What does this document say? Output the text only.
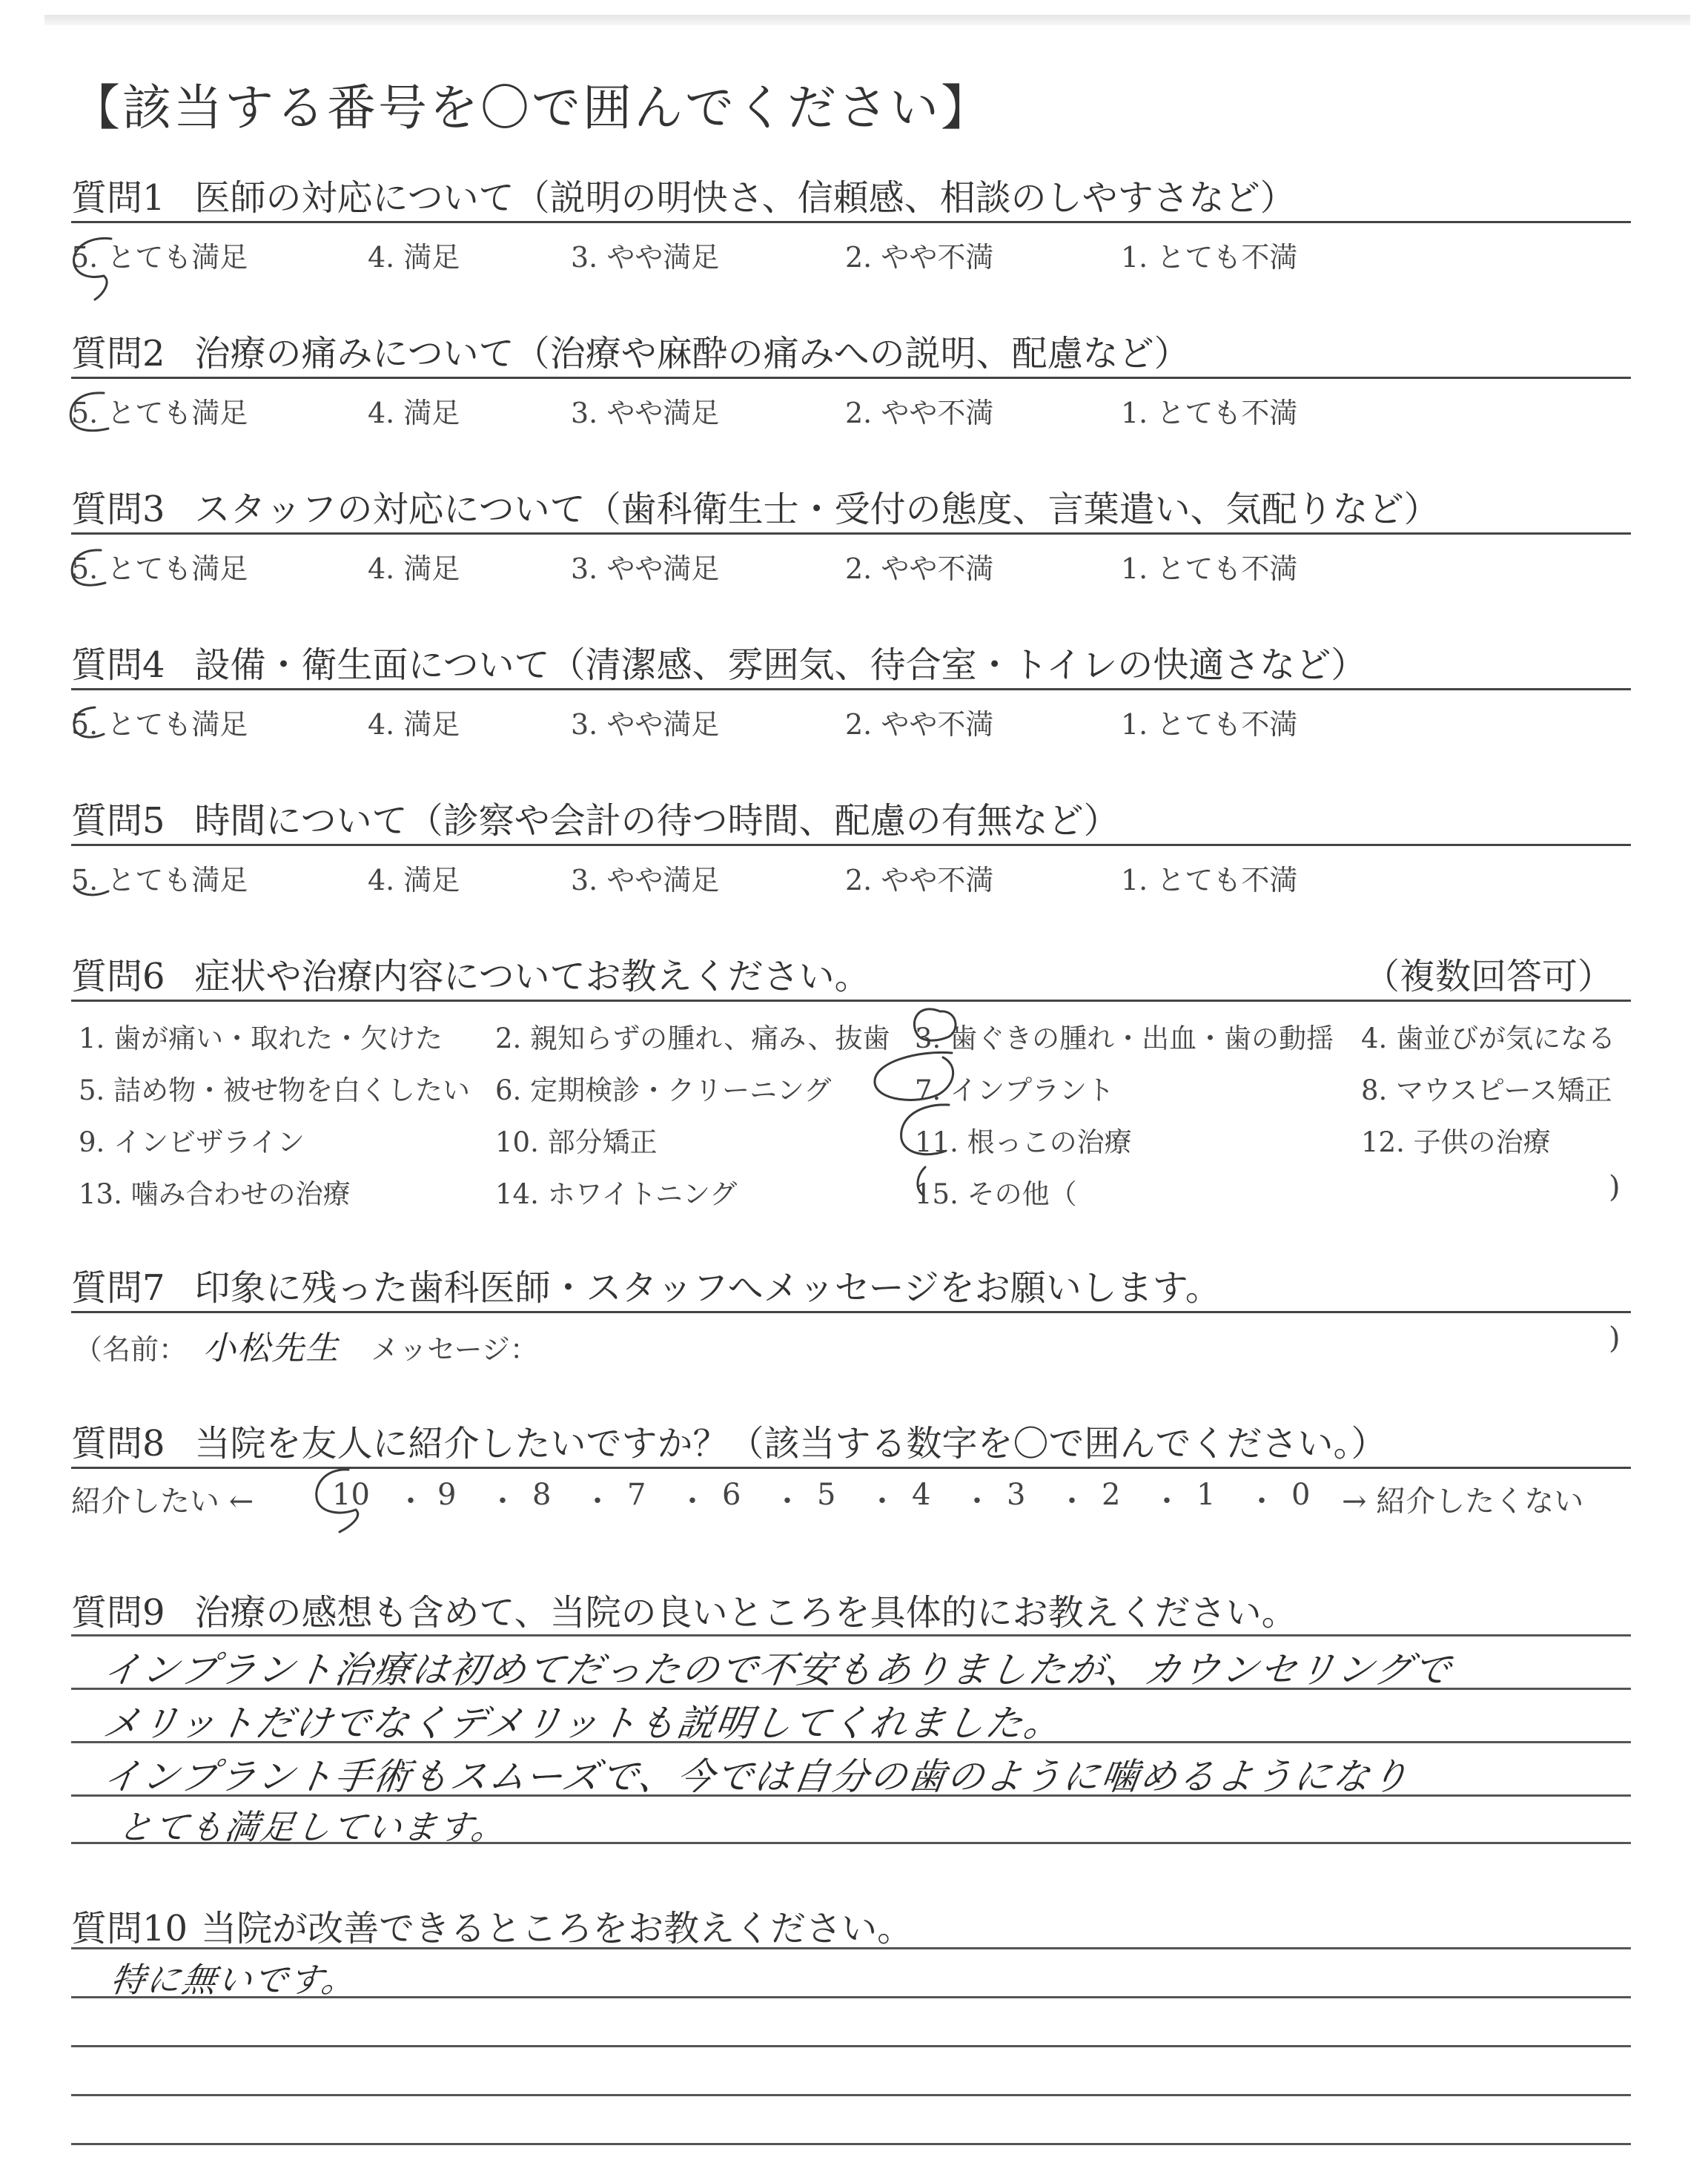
【該当する番号を〇で囲んでください】
質問1 医師の対応について（説明の明快さ、信頼感、相談のしやすさなど）
5. とても満足	4. 満足	3. やや満足	2. やや不満	1. とても不満
質問2 治療の痛みについて（治療や麻酔の痛みへの説明、配慮など）
5. とても満足	4. 満足	3. やや満足	2. やや不満	1. とても不満
質問3 スタッフの対応について（歯科衛生士・受付の態度、言葉遣い、気配りなど）
5. とても満足	4. 満足	3. やや満足	2. やや不満	1. とても不満
質問4 設備・衛生面について（清潔感、雰囲気、待合室・トイレの快適さなど）
5. とても満足	4. 満足	3. やや満足	2. やや不満	1. とても不満
質問5 時間について（診察や会計の待つ時間、配慮の有無など）
5. とても満足	4. 満足	3. やや満足	2. やや不満	1. とても不満
質問6 症状や治療内容についてお教えください。	（複数回答可）
1. 歯が痛い・取れた・欠けた 2. 親知らずの腫れ、痛み、抜歯 3. 歯ぐきの腫れ・出血・歯の動揺 4. 歯並びが気になる
5. 詰め物・被せ物を白くしたい 6. 定期検診・クリーニング	7. インプラント	8. マウスピース矯正
9. インビザライン	10. 部分矯正	11. 根っこの治療	12. 子供の治療
13. 噛み合わせの治療	14. ホワイトニング	15. その他（	)
質問7 印象に残った歯科医師・スタッフへメッセージをお願いします。
（名前： 小松先生 メッセージ：	)
質問8 当院を友人に紹介したいですか？（該当する数字を〇で囲んでください。）
紹介したい ←	10 ・ 9 ・ 8 ・ 7 ・ 6 ・ 5 ・ 4 ・ 3 ・ 2 ・ 1 ・ 0 → 紹介したくない
質問9 治療の感想も含めて、当院の良いところを具体的にお教えください。
インプラント治療は初めてだったので不安もありましたが、カウンセリングで
メリットだけでなくデメリットも説明してくれました。
インプラント手術もスムーズで、今では自分の歯のように噛めるようになり
とても満足しています。
質問10 当院が改善できるところをお教えください。
特に無いです。
